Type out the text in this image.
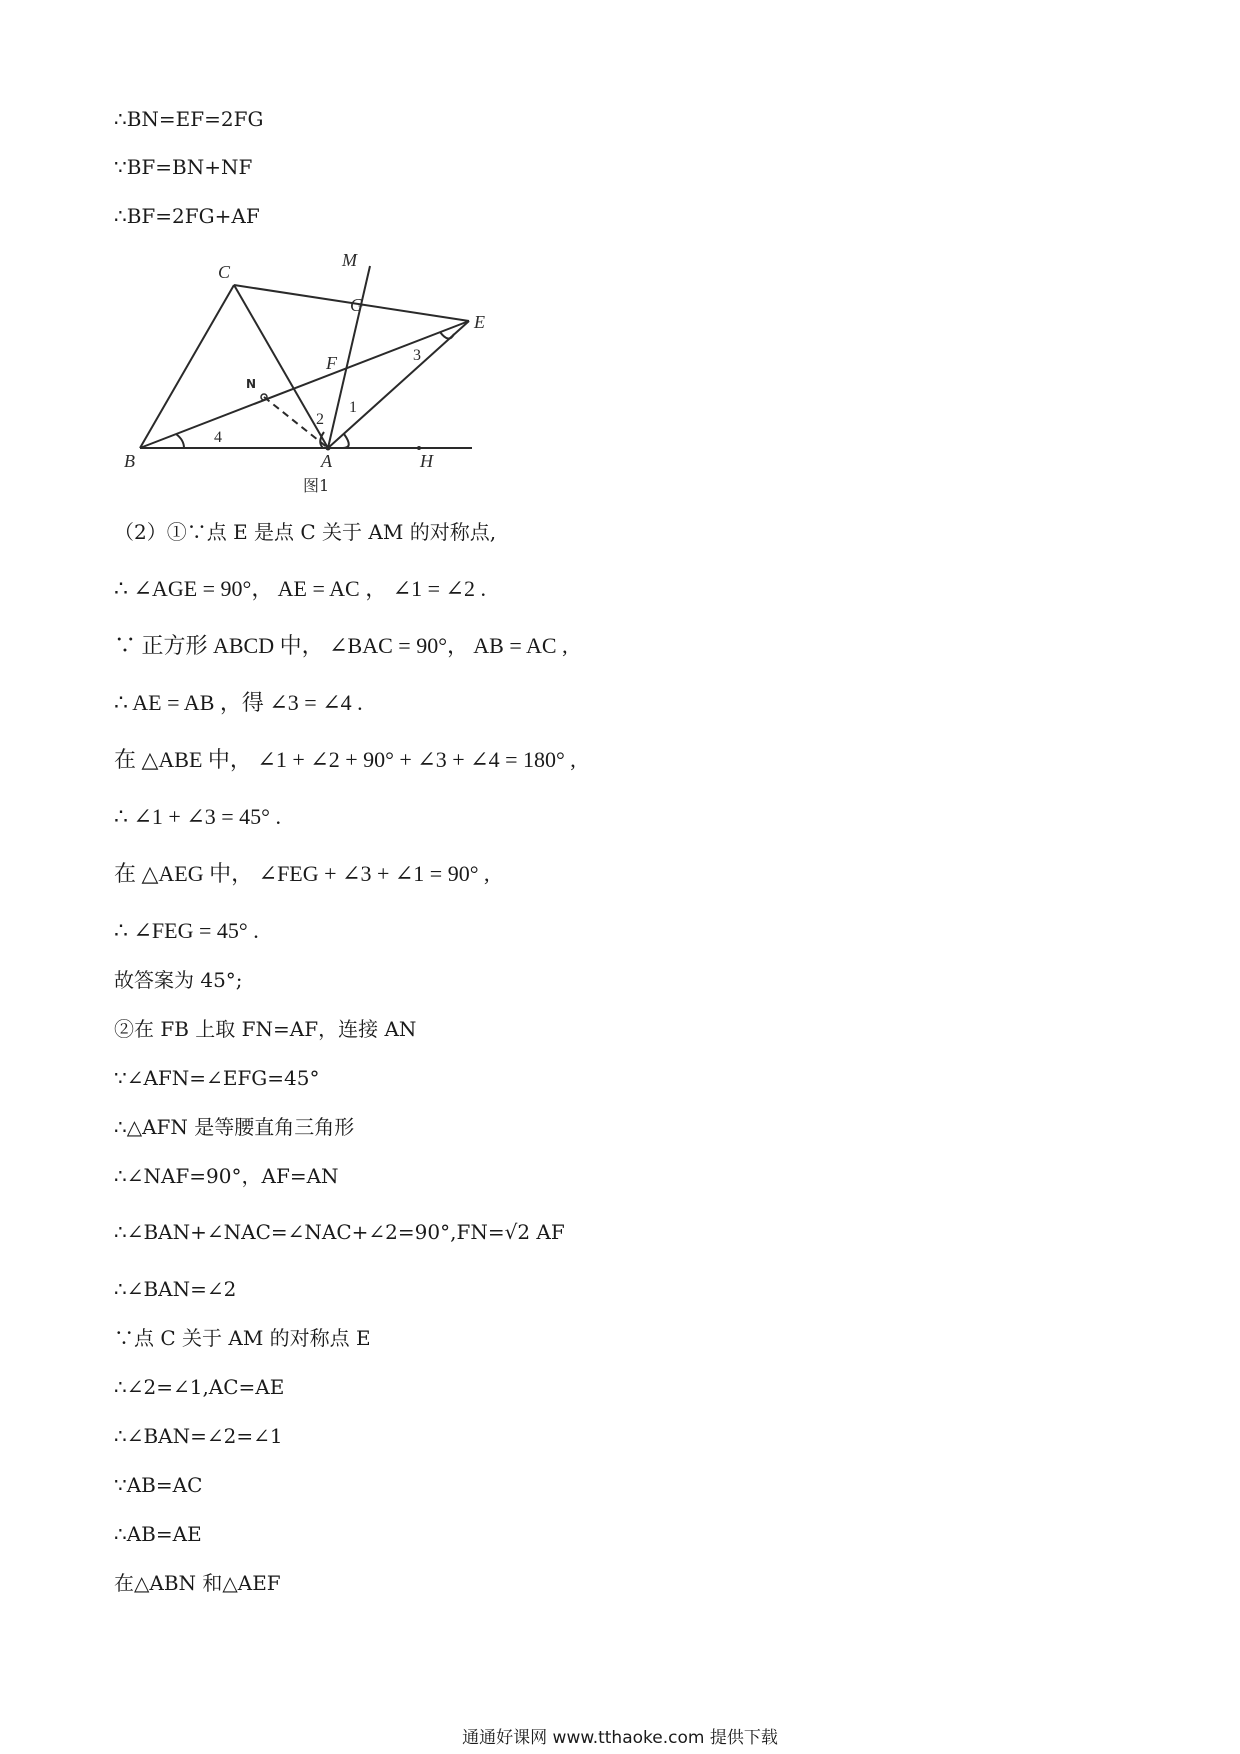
∴BN=EF=2FG

∵BF=BN+NF

∴BF=2FG+AF

B	A	H
C
M
G
E
F
N
1
2
3
4
图1

（2）①∵点 E 是点 C 关于 AM 的对称点,

∴ ∠AGE = 90°， AE = AC ， ∠1 = ∠2 .

∵ 正方形 ABCD 中， ∠BAC = 90°， AB = AC ,

∴ AE = AB ，得 ∠3 = ∠4 .

在 △ABE 中， ∠1 + ∠2 + 90° + ∠3 + ∠4 = 180° ,

∴ ∠1 + ∠3 = 45° .

在 △AEG 中， ∠FEG + ∠3 + ∠1 = 90° ,

∴ ∠FEG = 45° .

故答案为 45°;

②在 FB 上取 FN=AF，连接 AN

∵∠AFN=∠EFG=45°

∴△AFN 是等腰直角三角形

∴∠NAF=90°，AF=AN

∴∠BAN+∠NAC=∠NAC+∠2=90°,FN=√2 AF

∴∠BAN=∠2

∵点 C 关于 AM 的对称点 E

∴∠2=∠1,AC=AE

∴∠BAN=∠2=∠1

∵AB=AC

∴AB=AE

在△ABN 和△AEF

通通好课网 www.tthaoke.com 提供下载
